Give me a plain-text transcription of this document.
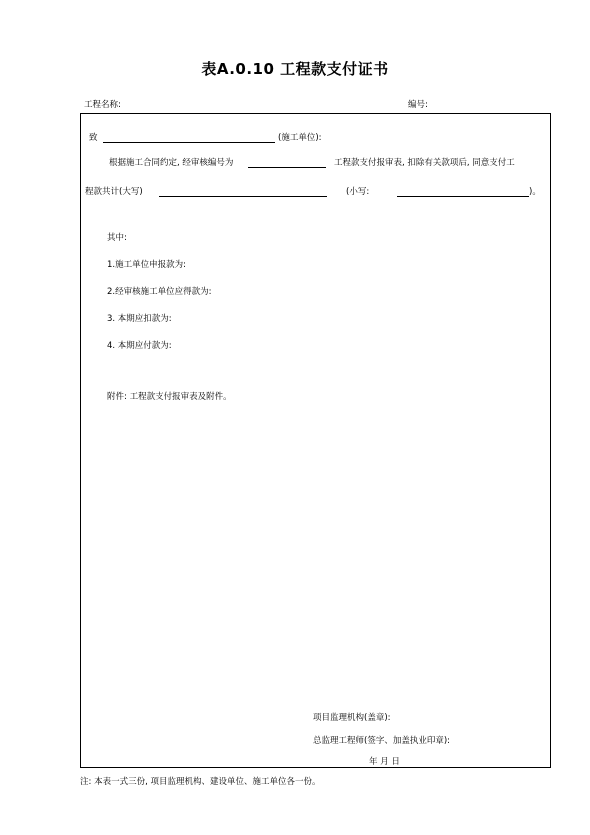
表A.0.10 工程款支付证书
工程名称:	编号:
致	(施工单位):
根据施工合同约定, 经审核编号为	工程款支付报审表, 扣除有关款项后, 同意支付工
程款共计(大写)	(小写:	)。
其中:
1.施工单位申报款为:
2.经审核施工单位应得款为:
3. 本期应扣款为:
4. 本期应付款为:
附件: 工程款支付报审表及附件。
项目监理机构(盖章):
总监理工程师(签字、加盖执业印章):
年 月 日
注: 本表一式三份, 项目监理机构、建设单位、施工单位各一份。
